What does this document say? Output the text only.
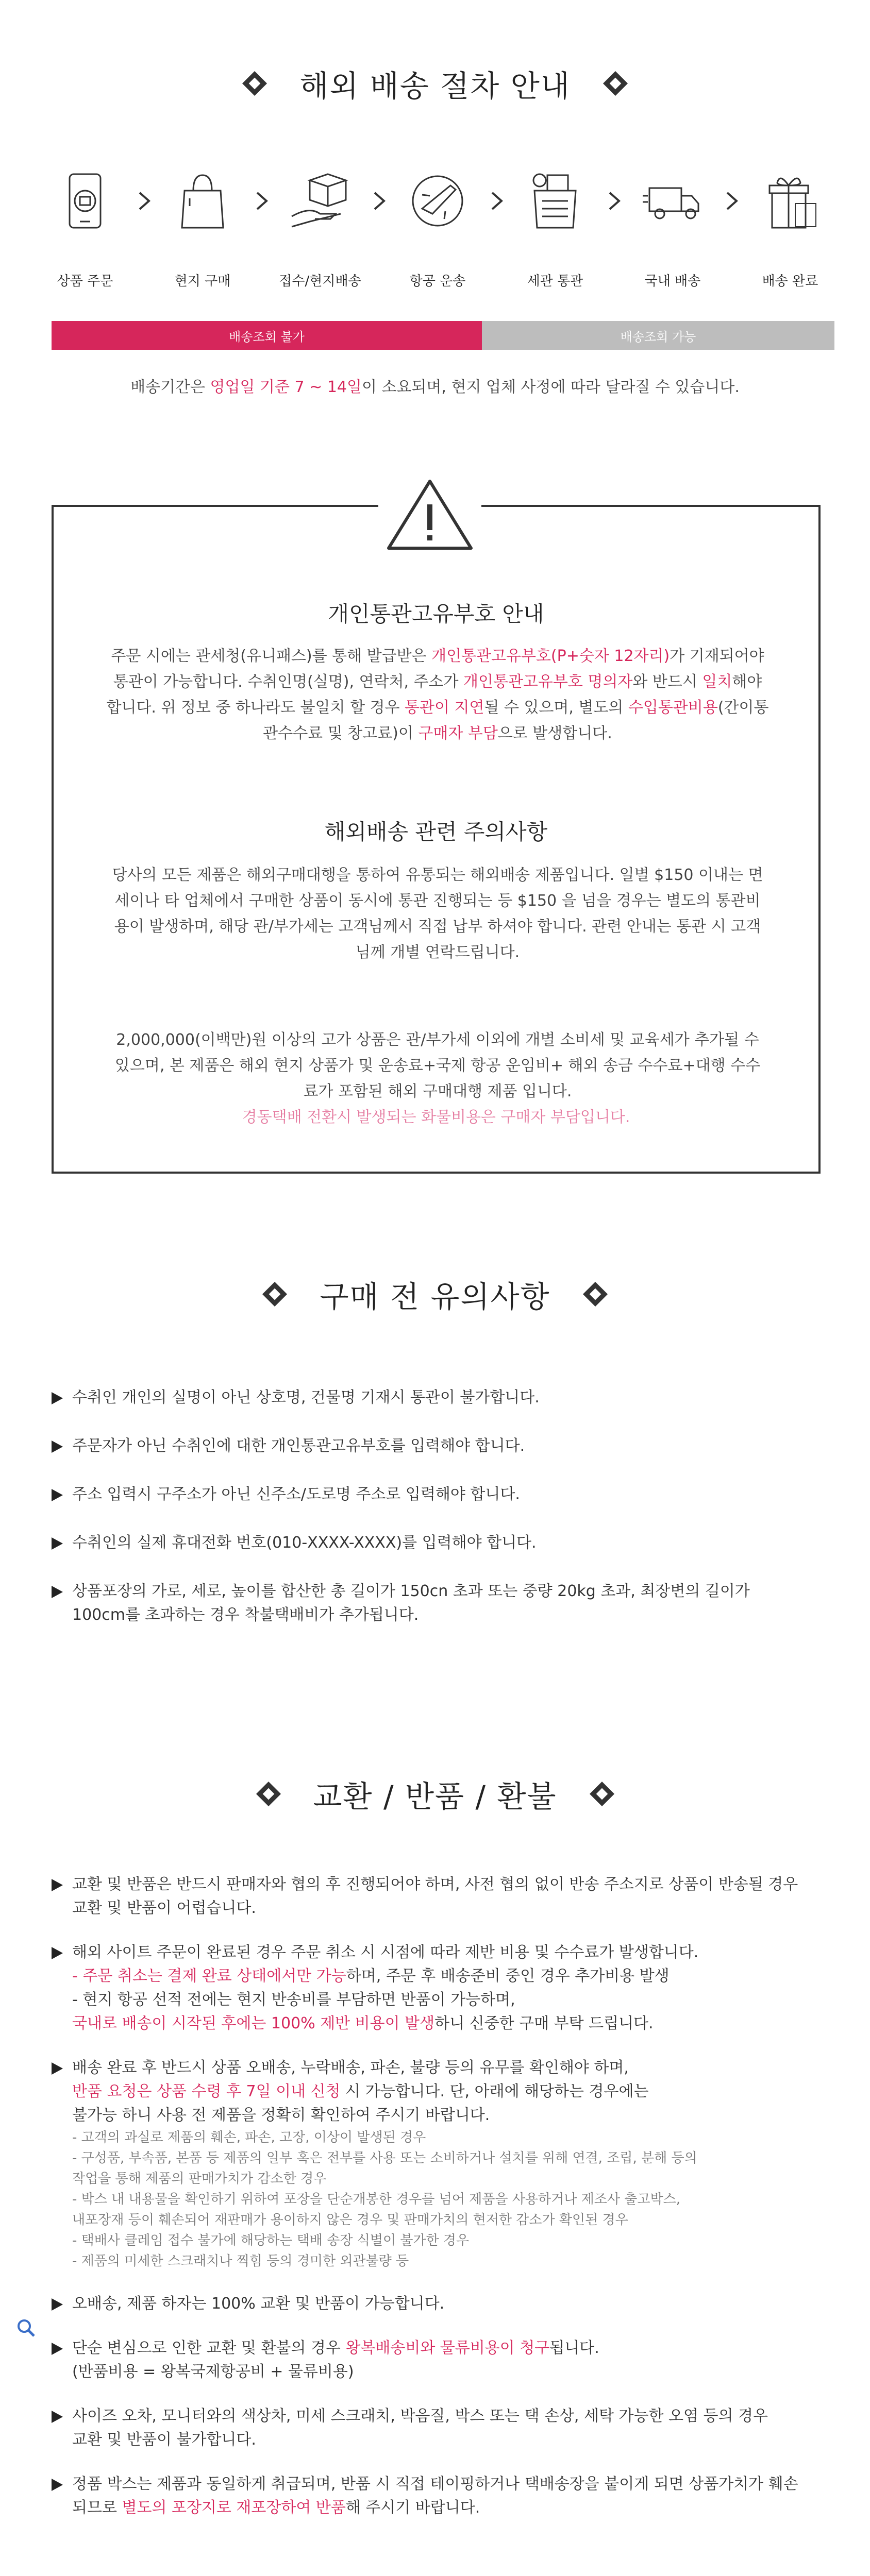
해외 배송 절차 안내
상품 주문	현지 구매	접수/현지배송	항공 운송	세관 통관	국내 배송	배송 완료
배송조회 불가	배송조회 가능
배송기간은 영업일 기준 7 ~ 14일이 소요되며, 현지 업체 사정에 따라 달라질 수 있습니다.
개인통관고유부호 안내

주문 시에는 관세청(유니패스)를 통해 발급받은 개인통관고유부호(P+숫자 12자리)가 기재되어야 통관이 가능합니다. 수취인명(실명), 연락처, 주소가 개인통관고유부호 명의자와 반드시 일치해야 합니다. 위 정보 중 하나라도 불일치 할 경우 통관이 지연될 수 있으며, 별도의 수입통관비용(간이통관수수료 및 창고료)이 구매자 부담으로 발생합니다.

해외배송 관련 주의사항

당사의 모든 제품은 해외구매대행을 통하여 유통되는 해외배송 제품입니다. 일별 $150 이내는 면세이나 타 업체에서 구매한 상품이 동시에 통관 진행되는 등 $150 을 넘을 경우는 별도의 통관비용이 발생하며, 해당 관/부가세는 고객님께서 직접 납부 하셔야 합니다. 관련 안내는 통관 시 고객님께 개별 연락드립니다.

2,000,000(이백만)원 이상의 고가 상품은 관/부가세 이외에 개별 소비세 및 교육세가 추가될 수 있으며, 본 제품은 해외 현지 상품가 및 운송료+국제 항공 운임비+ 해외 송금 수수료+대행 수수료가 포함된 해외 구매대행 제품 입니다.

경동택배 전환시 발생되는 화물비용은 구매자 부담입니다.

구매 전 유의사항
수취인 개인의 실명이 아닌 상호명, 건물명 기재시 통관이 불가합니다.
주문자가 아닌 수취인에 대한 개인통관고유부호를 입력해야 합니다.
주소 입력시 구주소가 아닌 신주소/도로명 주소로 입력해야 합니다.
수취인의 실제 휴대전화 번호(010-XXXX-XXXX)를 입력해야 합니다.
상품포장의 가로, 세로, 높이를 합산한 총 길이가 150cn 초과 또는 중량 20kg 초과, 최장변의 길이가 100cm를 초과하는 경우 착불택배비가 추가됩니다.
교환 / 반품 / 환불
교환 및 반품은 반드시 판매자와 협의 후 진행되어야 하며, 사전 협의 없이 반송 주소지로 상품이 반송될 경우 교환 및 반품이 어렵습니다.
해외 사이트 주문이 완료된 경우 주문 취소 시 시점에 따라 제반 비용 및 수수료가 발생합니다.
- 주문 취소는 결제 완료 상태에서만 가능하며, 주문 후 배송준비 중인 경우 추가비용 발생
- 현지 항공 선적 전에는 현지 반송비를 부담하면 반품이 가능하며,
국내로 배송이 시작된 후에는 100% 제반 비용이 발생하니 신중한 구매 부탁 드립니다.
배송 완료 후 반드시 상품 오배송, 누락배송, 파손, 불량 등의 유무를 확인해야 하며,
반품 요청은 상품 수령 후 7일 이내 신청 시 가능합니다. 단, 아래에 해당하는 경우에는
불가능 하니 사용 전 제품을 정확히 확인하여 주시기 바랍니다.
- 고객의 과실로 제품의 훼손, 파손, 고장, 이상이 발생된 경우
- 구성품, 부속품, 본품 등 제품의 일부 혹은 전부를 사용 또는 소비하거나 설치를 위해 연결, 조립, 분해 등의
작업을 통해 제품의 판매가치가 감소한 경우
- 박스 내 내용물을 확인하기 위하여 포장을 단순개봉한 경우를 넘어 제품을 사용하거나 제조사 출고박스,
내포장재 등이 훼손되어 재판매가 용이하지 않은 경우 및 판매가치의 현저한 감소가 확인된 경우
- 택배사 클레임 접수 불가에 해당하는 택배 송장 식별이 불가한 경우
- 제품의 미세한 스크래치나 찍힘 등의 경미한 외관불량 등
오배송, 제품 하자는 100% 교환 및 반품이 가능합니다.
단순 변심으로 인한 교환 및 환불의 경우 왕복배송비와 물류비용이 청구됩니다.
(반품비용 = 왕복국제항공비 + 물류비용)
사이즈 오차, 모니터와의 색상차, 미세 스크래치, 박음질, 박스 또는 택 손상, 세탁 가능한 오염 등의 경우 교환 및 반품이 불가합니다.
정품 박스는 제품과 동일하게 취급되며, 반품 시 직접 테이핑하거나 택배송장을 붙이게 되면 상품가치가 훼손되므로 별도의 포장지로 재포장하여 반품해 주시기 바랍니다.
